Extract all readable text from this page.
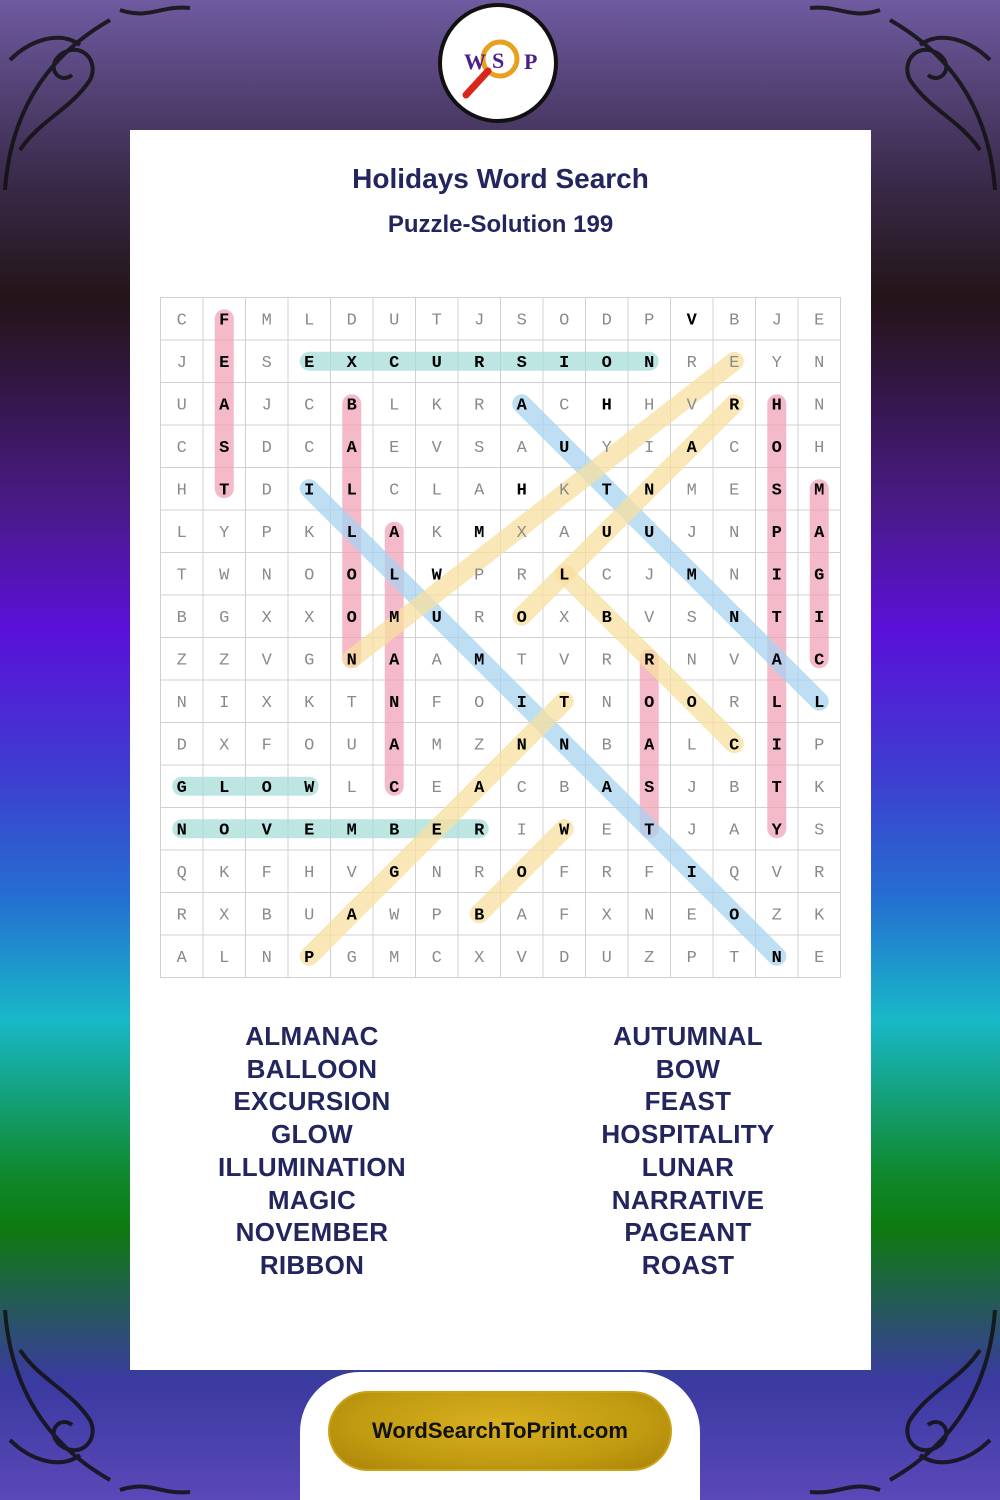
W S P
Holidays Word Search
Puzzle-Solution 199
C F M L D U T J S O D P V B J E
J E S E X C U R S I O N R E Y N
U A J C B L K R A C H H V R H N
C S D C A E V S A U Y I A C O H
H T D I L C L A H K T N M E S M
L Y P K L A K M X A U U J N P A
T W N O O L W P R L C J M N I G
B G X X O M U R O X B V S N T I
Z Z V G N A A M T V R R N V A C
N I X K T N F O I T N O O R L L
D X F O U A M Z N N B A L C I P
G L O W L C E A C B A S J B T K
N O V E M B E R I W E T J A Y S
Q K F H V G N R O F R F I Q V R
R X B U A W P B A F X N E O Z K
A L N P G M C X V D U Z P T N E
ALMANAC
BALLOON
EXCURSION
GLOW
ILLUMINATION
MAGIC
NOVEMBER
RIBBON
AUTUMNAL
BOW
FEAST
HOSPITALITY
LUNAR
NARRATIVE
PAGEANT
ROAST
WordSearchToPrint.com
